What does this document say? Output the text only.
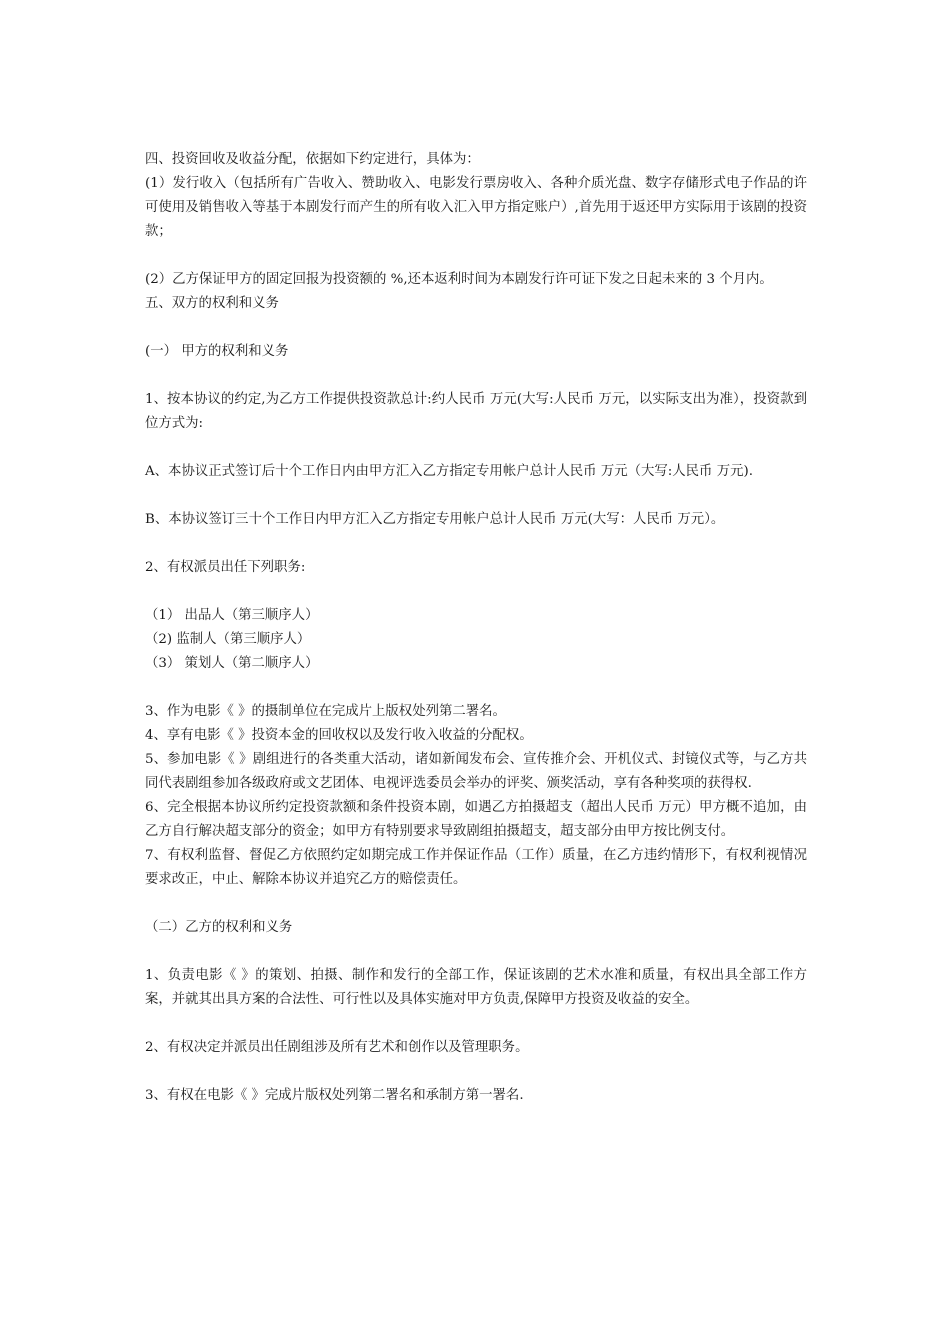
四、投资回收及收益分配，依据如下约定进行，具体为：

(1）发行收入（包括所有广告收入、赞助收入、电影发行票房收入、各种介质光盘、数字存储形式电子作品的许可使用及销售收入等基于本剧发行而产生的所有收入汇入甲方指定账户）,首先用于返还甲方实际用于该剧的投资款；

(2）乙方保证甲方的固定回报为投资额的 %,还本返利时间为本剧发行许可证下发之日起未来的 3 个月内。

五、双方的权利和义务

(一） 甲方的权利和义务

1、按本协议的约定,为乙方工作提供投资款总计:约人民币 万元(大写:人民币 万元，以实际支出为准），投资款到位方式为:

A、本协议正式签订后十个工作日内由甲方汇入乙方指定专用帐户总计人民币 万元（大写:人民币 万元).

B、本协议签订三十个工作日内甲方汇入乙方指定专用帐户总计人民币 万元(大写：人民币 万元）。

2、有权派员出任下列职务:

（1） 出品人（第三顺序人）

（2) 监制人（第三顺序人）

（3） 策划人（第二顺序人）

3、作为电影《 》的摄制单位在完成片上版权处列第二署名。

4、享有电影《 》投资本金的回收权以及发行收入收益的分配权。

5、参加电影《 》剧组进行的各类重大活动，诸如新闻发布会、宣传推介会、开机仪式、封镜仪式等，与乙方共同代表剧组参加各级政府或文艺团体、电视评选委员会举办的评奖、颁奖活动，享有各种奖项的获得权.

6、完全根据本协议所约定投资款额和条件投资本剧，如遇乙方拍摄超支（超出人民币 万元）甲方概不追加，由乙方自行解决超支部分的资金；如甲方有特别要求导致剧组拍摄超支，超支部分由甲方按比例支付。

7、有权利监督、督促乙方依照约定如期完成工作并保证作品（工作）质量，在乙方违约情形下，有权利视情况要求改正，中止、解除本协议并追究乙方的赔偿责任。

（二）乙方的权利和义务

1、负责电影《 》的策划、拍摄、制作和发行的全部工作，保证该剧的艺术水准和质量，有权出具全部工作方案，并就其出具方案的合法性、可行性以及具体实施对甲方负责,保障甲方投资及收益的安全。

2、有权决定并派员出任剧组涉及所有艺术和创作以及管理职务。

3、有权在电影《 》完成片版权处列第二署名和承制方第一署名.
